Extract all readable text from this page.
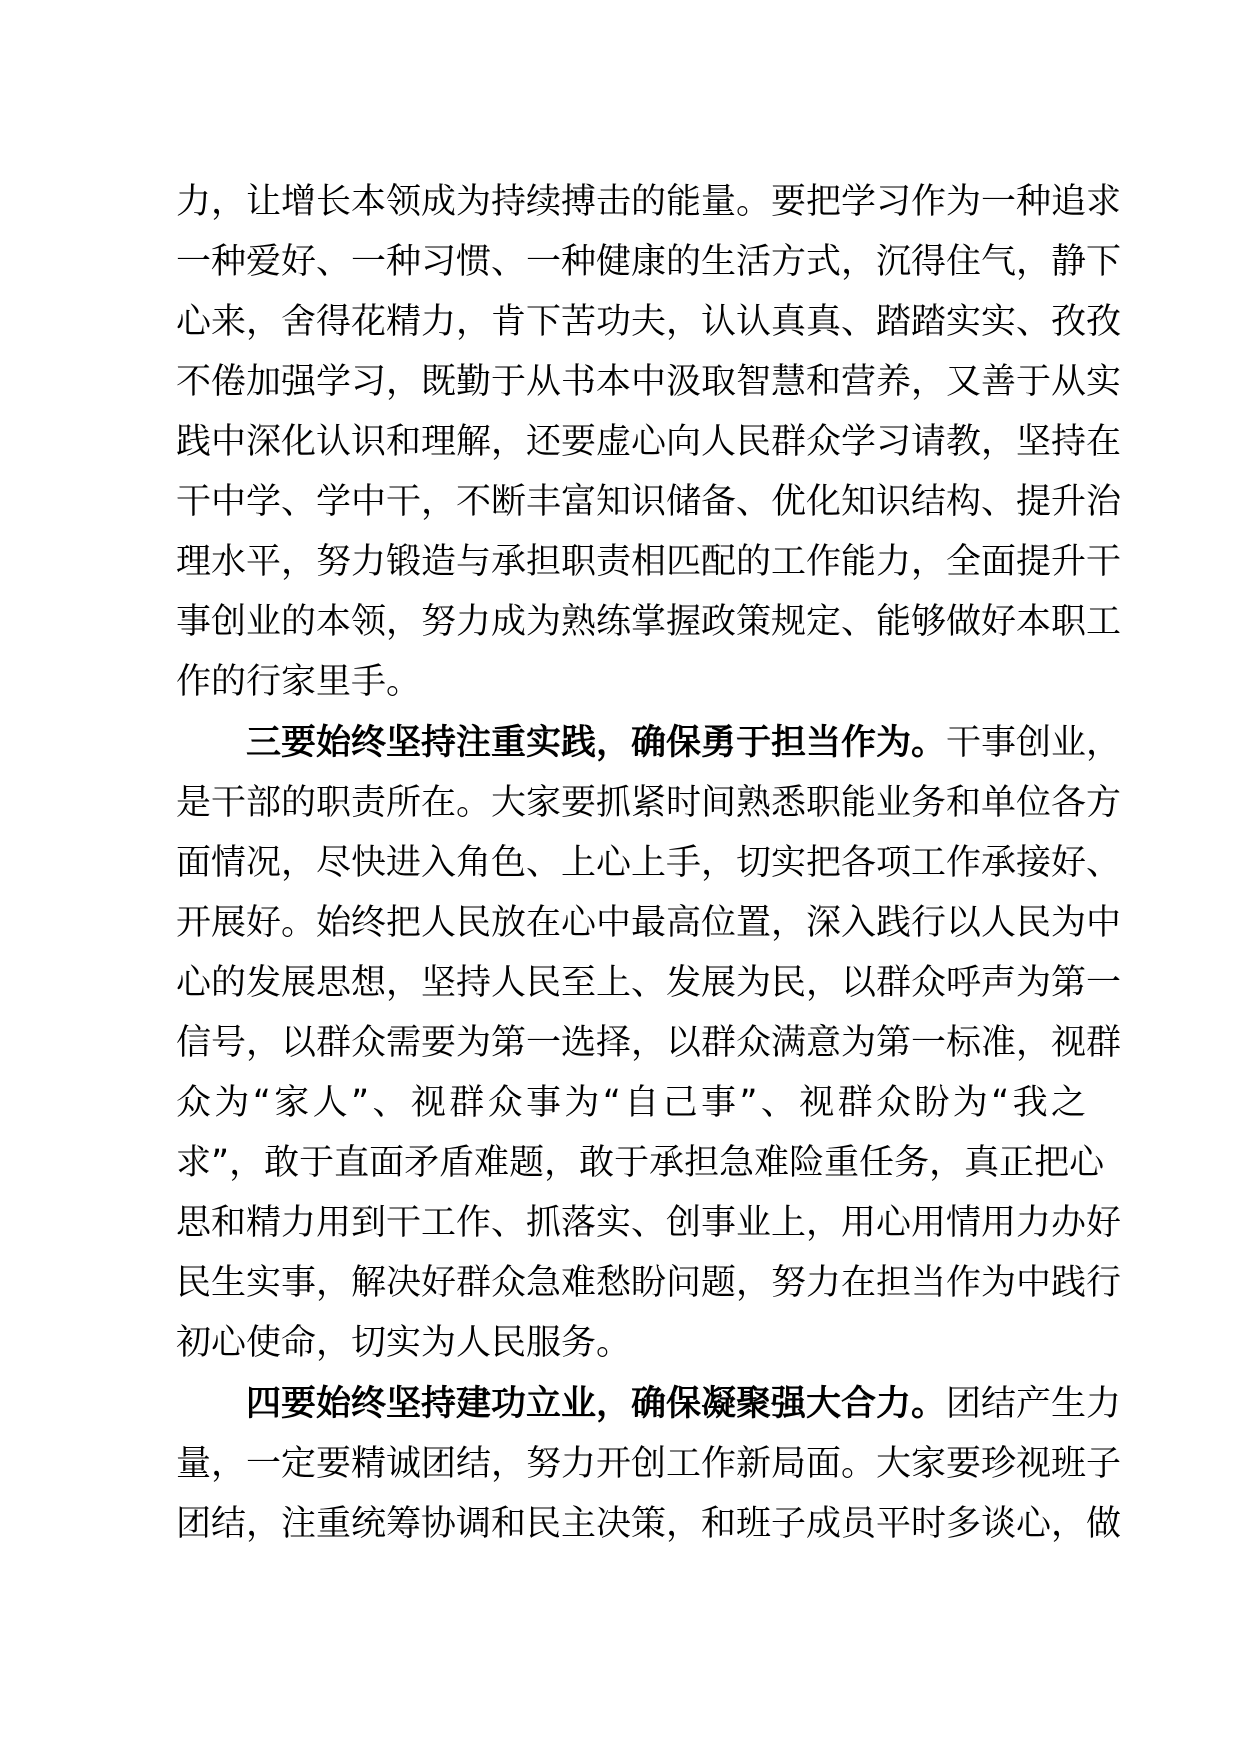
力，让增长本领成为持续搏击的能量。要把学习作为一种追求
一种爱好、一种习惯、一种健康的生活方式，沉得住气，静下
心来，舍得花精力，肯下苦功夫，认认真真、踏踏实实、孜孜
不倦加强学习，既勤于从书本中汲取智慧和营养，又善于从实
践中深化认识和理解，还要虚心向人民群众学习请教，坚持在
干中学、学中干，不断丰富知识储备、优化知识结构、提升治
理水平，努力锻造与承担职责相匹配的工作能力，全面提升干
事创业的本领，努力成为熟练掌握政策规定、能够做好本职工
作的行家里手。
三要始终坚持注重实践，确保勇于担当作为。干事创业，
是干部的职责所在。大家要抓紧时间熟悉职能业务和单位各方
面情况，尽快进入角色、上心上手，切实把各项工作承接好、
开展好。始终把人民放在心中最高位置，深入践行以人民为中
心的发展思想，坚持人民至上、发展为民，以群众呼声为第一
信号，以群众需要为第一选择，以群众满意为第一标准，视群
众为“家人”、视群众事为“自己事”、视群众盼为“我之
求”，敢于直面矛盾难题，敢于承担急难险重任务，真正把心
思和精力用到干工作、抓落实、创事业上，用心用情用力办好
民生实事，解决好群众急难愁盼问题，努力在担当作为中践行
初心使命，切实为人民服务。
四要始终坚持建功立业，确保凝聚强大合力。团结产生力
量，一定要精诚团结，努力开创工作新局面。大家要珍视班子
团结，注重统筹协调和民主决策，和班子成员平时多谈心，做
